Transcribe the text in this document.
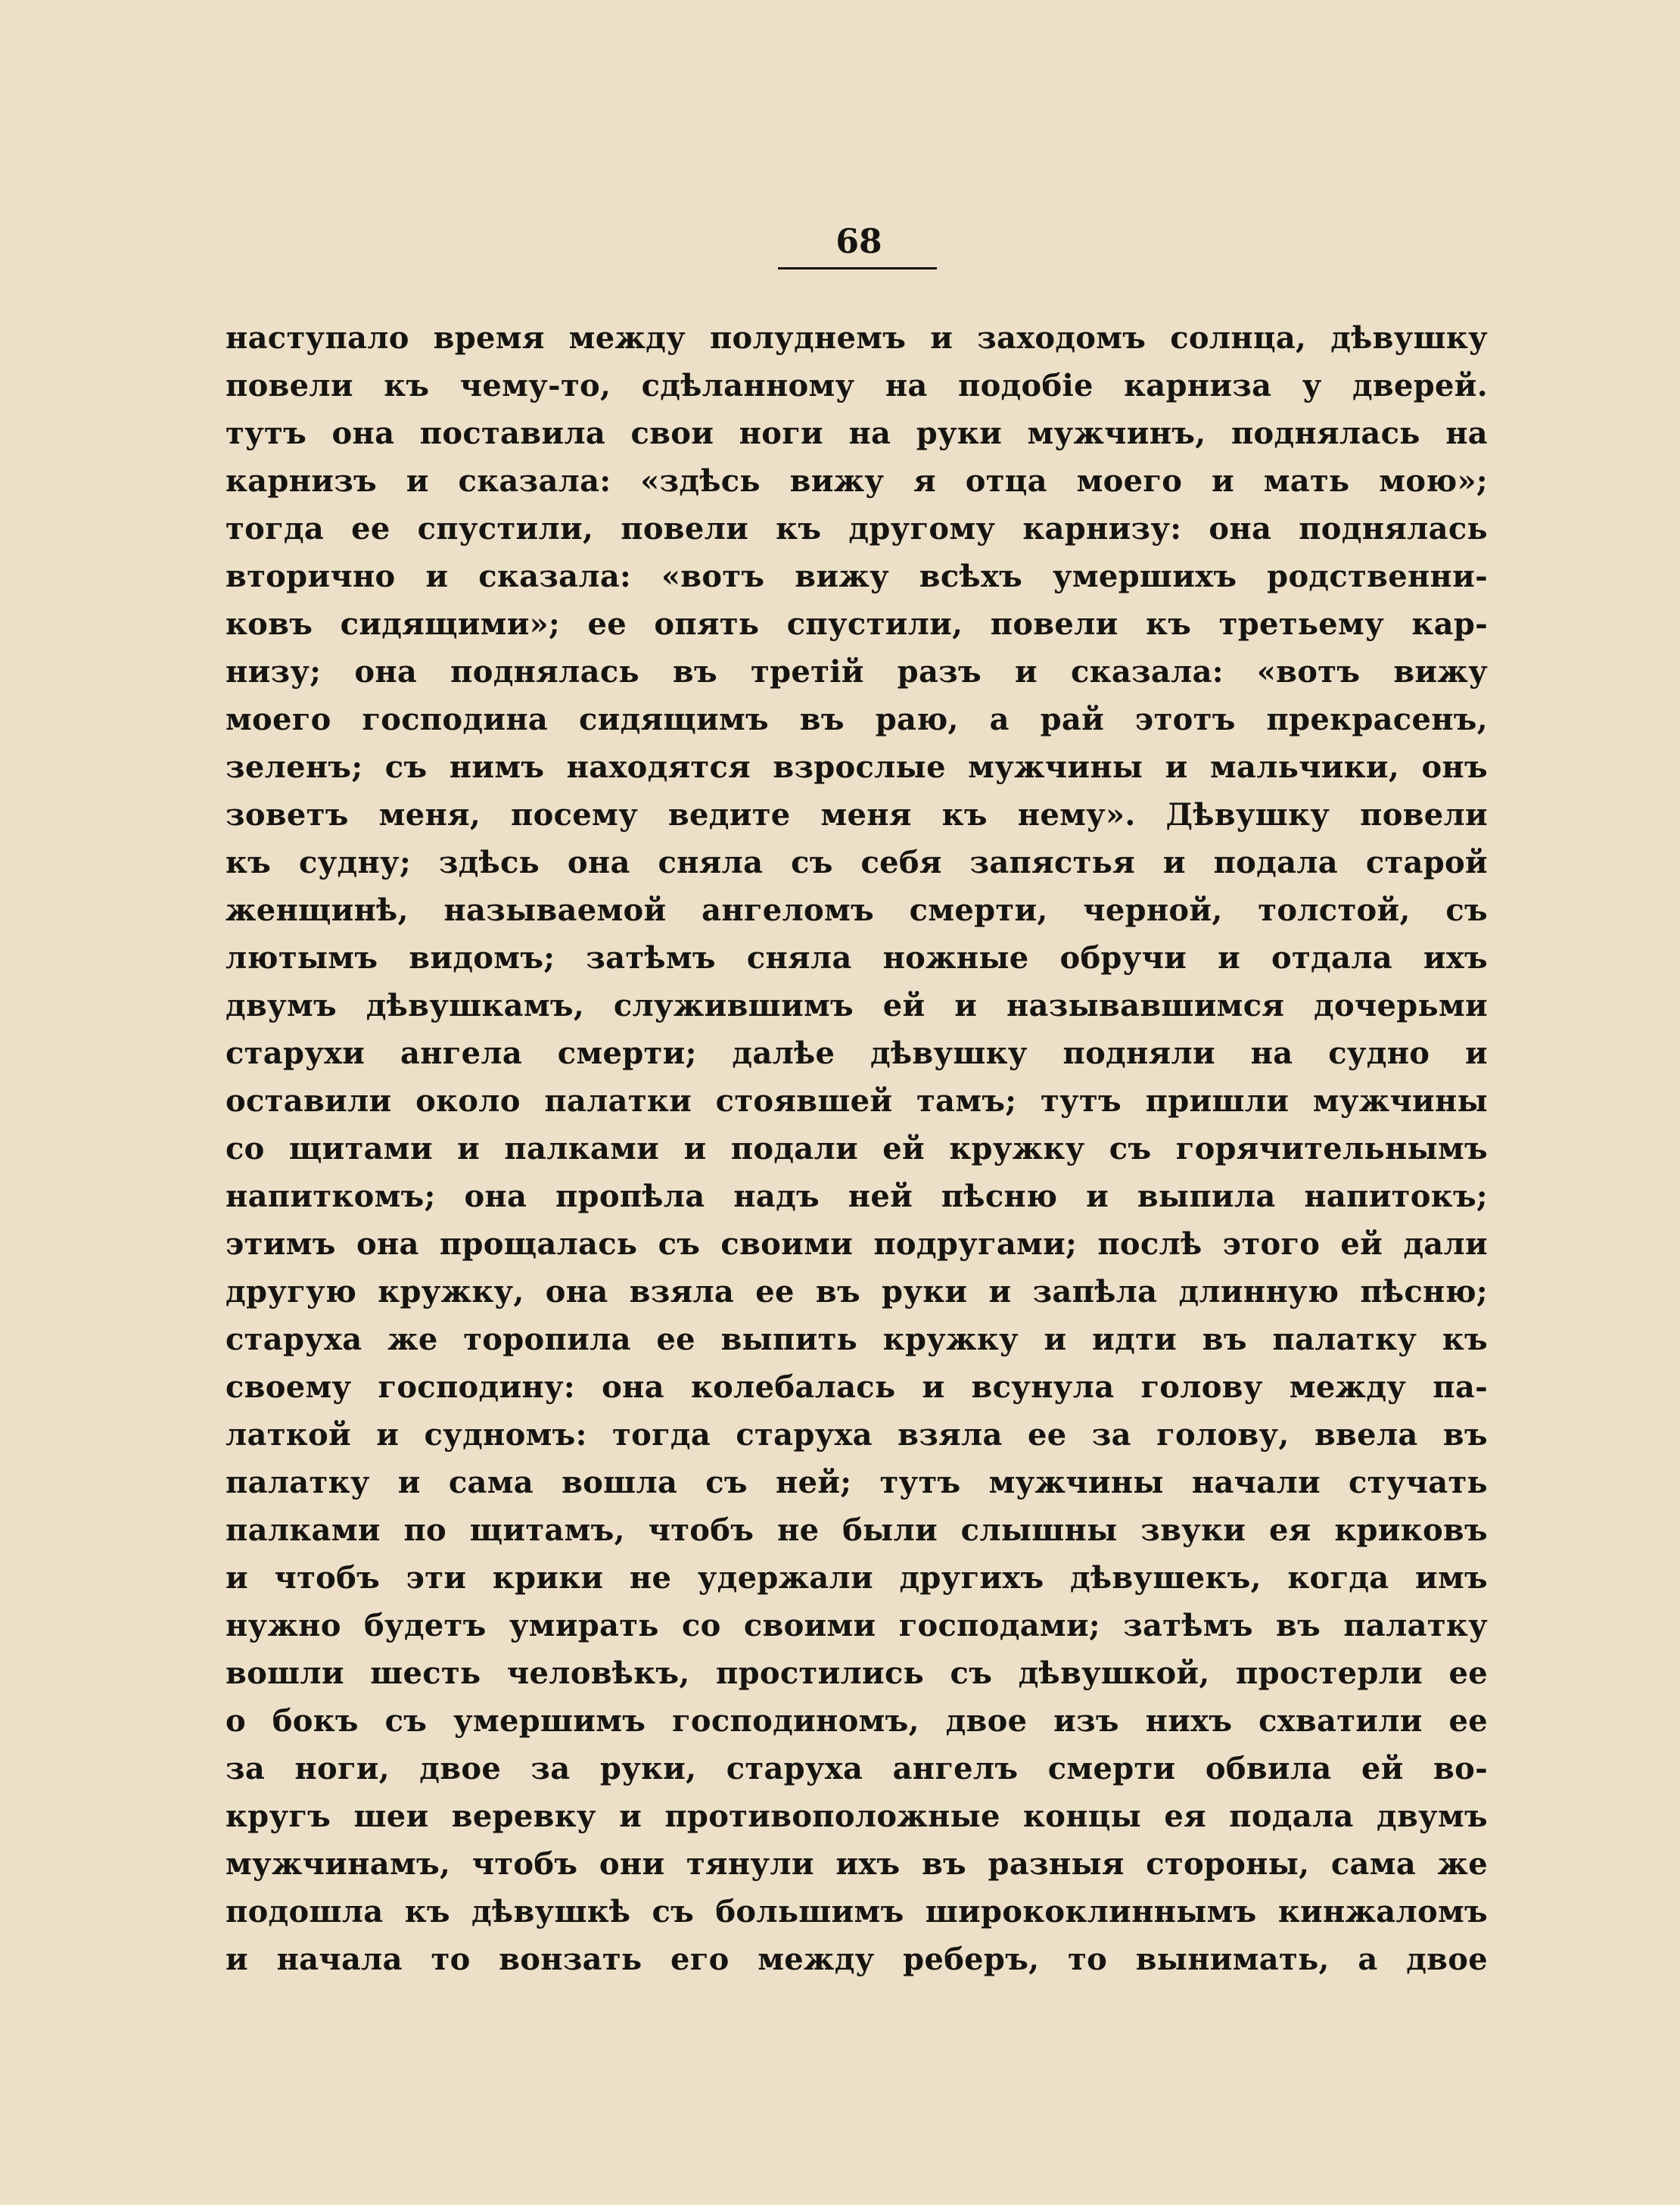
68
наступало время между полуднемъ и заходомъ солнца, дѣвушку
повели къ чему-то, сдѣланному на подобіе карниза у дверей.
тутъ она поставила свои ноги на руки мужчинъ, поднялась на
карнизъ и сказала: «здѣсь вижу я отца моего и мать мою»;
тогда ее спустили, повели къ другому карнизу: она поднялась
вторично и сказала: «вотъ вижу всѣхъ умершихъ родственни-
ковъ сидящими»; ее опять спустили, повели къ третьему кар-
низу; она поднялась въ третій разъ и сказала: «вотъ вижу
моего господина сидящимъ въ раю, а рай этотъ прекрасенъ,
зеленъ; съ нимъ находятся взрослые мужчины и мальчики, онъ
зоветъ меня, посему ведите меня къ нему». Дѣвушку повели
къ судну; здѣсь она сняла съ себя запястья и подала старой
женщинѣ, называемой ангеломъ смерти, черной, толстой, съ
лютымъ видомъ; затѣмъ сняла ножные обручи и отдала ихъ
двумъ дѣвушкамъ, служившимъ ей и называвшимся дочерьми
старухи ангела смерти; далѣе дѣвушку подняли на судно и
оставили около палатки стоявшей тамъ; тутъ пришли мужчины
со щитами и палками и подали ей кружку съ горячительнымъ
напиткомъ; она пропѣла надъ ней пѣсню и выпила напитокъ;
этимъ она прощалась съ своими подругами; послѣ этого ей дали
другую кружку, она взяла ее въ руки и запѣла длинную пѣсню;
старуха же торопила ее выпить кружку и идти въ палатку къ
своему господину: она колебалась и всунула голову между па-
латкой и судномъ: тогда старуха взяла ее за голову, ввела въ
палатку и сама вошла съ ней; тутъ мужчины начали стучать
палками по щитамъ, чтобъ не были слышны звуки ея криковъ
и чтобъ эти крики не удержали другихъ дѣвушекъ, когда имъ
нужно будетъ умирать со своими господами; затѣмъ въ палатку
вошли шесть человѣкъ, простились съ дѣвушкой, простерли ее
о бокъ съ умершимъ господиномъ, двое изъ нихъ схватили ее
за ноги, двое за руки, старуха ангелъ смерти обвила ей во-
кругъ шеи веревку и противоположные концы ея подала двумъ
мужчинамъ, чтобъ они тянули ихъ въ разныя стороны, сама же
подошла къ дѣвушкѣ съ большимъ ширококлиннымъ кинжаломъ
и начала то вонзать его между реберъ, то вынимать, а двое
